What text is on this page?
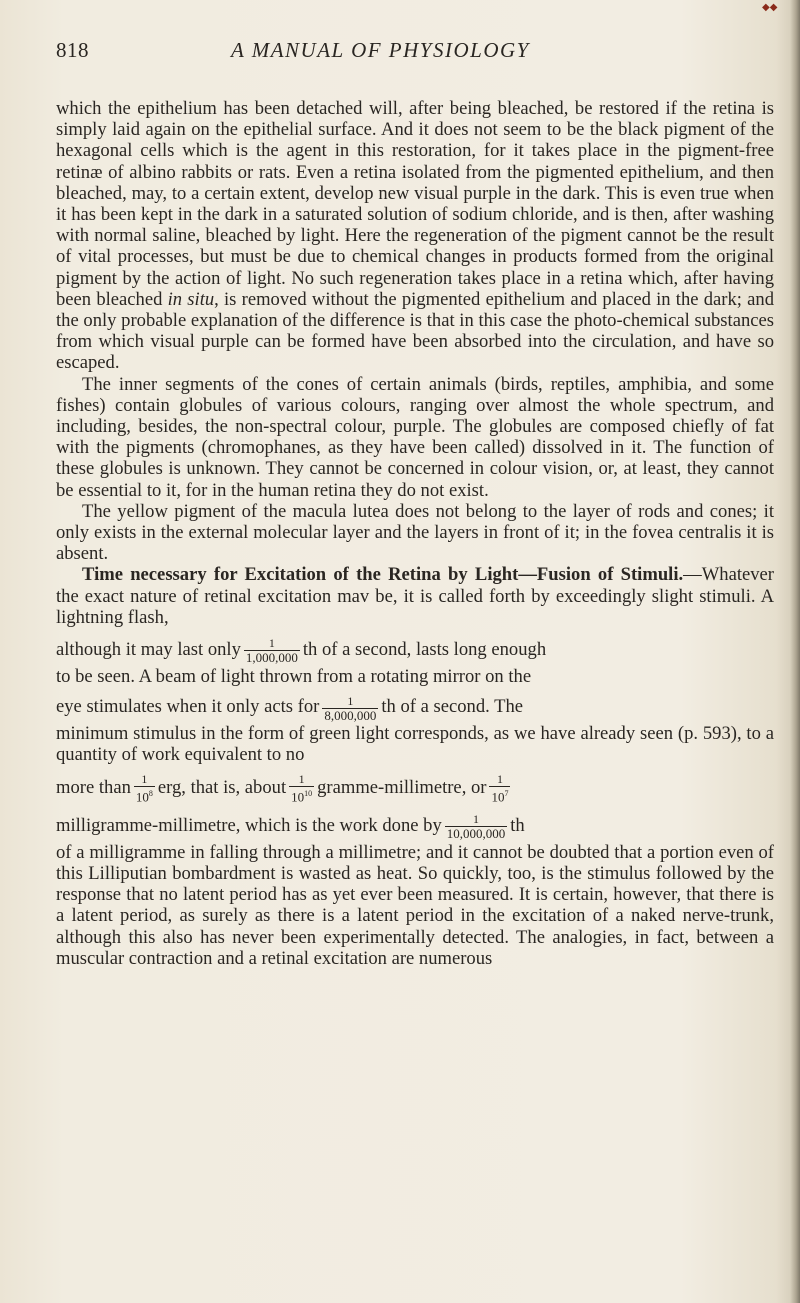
818	A MANUAL OF PHYSIOLOGY
◆◆

which the epithelium has been detached will, after being bleached, be restored if the retina is simply laid again on the epithelial surface. And it does not seem to be the black pigment of the hexagonal cells which is the agent in this restoration, for it takes place in the pigment-free retinæ of albino rabbits or rats. Even a retina isolated from the pigmented epithelium, and then bleached, may, to a certain extent, develop new visual purple in the dark. This is even true when it has been kept in the dark in a saturated solution of sodium chloride, and is then, after washing with normal saline, bleached by light. Here the regeneration of the pigment cannot be the result of vital processes, but must be due to chemical changes in products formed from the original pigment by the action of light. No such regeneration takes place in a retina which, after having been bleached in situ, is removed without the pigmented epithelium and placed in the dark; and the only probable explanation of the difference is that in this case the photo-chemical substances from which visual purple can be formed have been absorbed into the circulation, and have so escaped.

The inner segments of the cones of certain animals (birds, reptiles, amphibia, and some fishes) contain globules of various colours, ranging over almost the whole spectrum, and including, besides, the non-spectral colour, purple. The globules are composed chiefly of fat with the pigments (chromophanes, as they have been called) dissolved in it. The function of these globules is unknown. They cannot be concerned in colour vision, or, at least, they cannot be essential to it, for in the human retina they do not exist.

The yellow pigment of the macula lutea does not belong to the layer of rods and cones; it only exists in the external molecular layer and the layers in front of it; in the fovea centralis it is absent.

Time necessary for Excitation of the Retina by Light—Fusion of Stimuli.—Whatever the exact nature of retinal excitation mav be, it is called forth by exceedingly slight stimuli. A lightning flash,

although it may last only $\frac{1}{1,000,000}$ th of a second, lasts long enough

to be seen. A beam of light thrown from a rotating mirror on the

eye stimulates when it only acts for $\frac{1}{8,000,000}$ th of a second. The

minimum stimulus in the form of green light corresponds, as we have already seen (p. 593), to a quantity of work equivalent to no

more than $\frac{1}{10^8}$ erg, that is, about $\frac{1}{10^{10}}$ gramme-millimetre, or $\frac{1}{10^7}$

milligramme-millimetre, which is the work done by $\frac{1}{10,000,000}$ th

of a milligramme in falling through a millimetre; and it cannot be doubted that a portion even of this Lilliputian bombardment is wasted as heat. So quickly, too, is the stimulus followed by the response that no latent period has as yet ever been measured. It is certain, however, that there is a latent period, as surely as there is a latent period in the excitation of a naked nerve-trunk, although this also has never been experimentally detected. The analogies, in fact, between a muscular contraction and a retinal excitation are numerous
